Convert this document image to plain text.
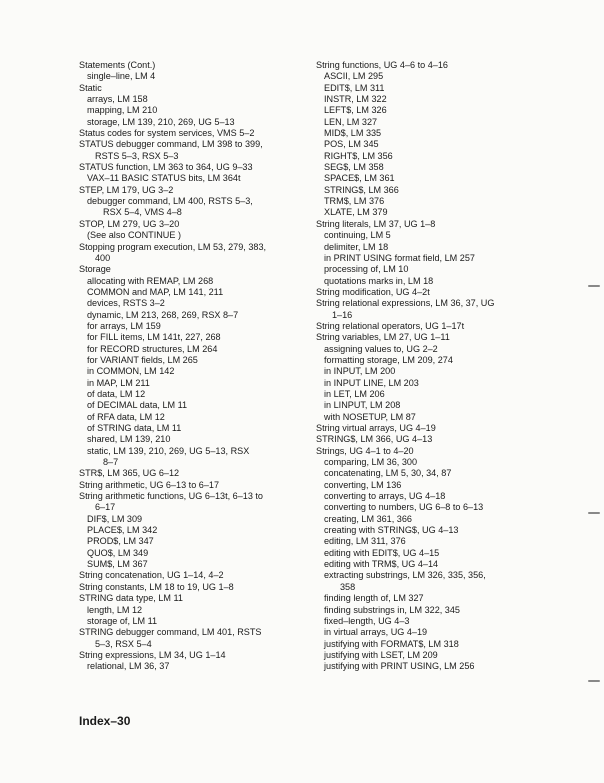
Statements (Cont.)
single–line, LM 4
Static
arrays, LM 158
mapping, LM 210
storage, LM 139, 210, 269, UG 5–13
Status codes for system services, VMS 5–2
STATUS debugger command, LM 398 to 399,
RSTS 5–3, RSX 5–3
STATUS function, LM 363 to 364, UG 9–33
VAX–11 BASIC STATUS bits, LM 364t
STEP, LM 179, UG 3–2
debugger command, LM 400, RSTS 5–3,
RSX 5–4, VMS 4–8
STOP, LM 279, UG 3–20
(See also CONTINUE )
Stopping program execution, LM 53, 279, 383,
400
Storage
allocating with REMAP, LM 268
COMMON and MAP, LM 141, 211
devices, RSTS 3–2
dynamic, LM 213, 268, 269, RSX 8–7
for arrays, LM 159
for FILL items, LM 141t, 227, 268
for RECORD structures, LM 264
for VARIANT fields, LM 265
in COMMON, LM 142
in MAP, LM 211
of data, LM 12
of DECIMAL data, LM 11
of RFA data, LM 12
of STRING data, LM 11
shared, LM 139, 210
static, LM 139, 210, 269, UG 5–13, RSX
8–7
STR$, LM 365, UG 6–12
String arithmetic, UG 6–13 to 6–17
String arithmetic functions, UG 6–13t, 6–13 to
6–17
DIF$, LM 309
PLACE$, LM 342
PROD$, LM 347
QUO$, LM 349
SUM$, LM 367
String concatenation, UG 1–14, 4–2
String constants, LM 18 to 19, UG 1–8
STRING data type, LM 11
length, LM 12
storage of, LM 11
STRING debugger command, LM 401, RSTS
5–3, RSX 5–4
String expressions, LM 34, UG 1–14
relational, LM 36, 37
String functions, UG 4–6 to 4–16
ASCII, LM 295
EDIT$, LM 311
INSTR, LM 322
LEFT$, LM 326
LEN, LM 327
MID$, LM 335
POS, LM 345
RIGHT$, LM 356
SEG$, LM 358
SPACE$, LM 361
STRING$, LM 366
TRM$, LM 376
XLATE, LM 379
String literals, LM 37, UG 1–8
continuing, LM 5
delimiter, LM 18
in PRINT USING format field, LM 257
processing of, LM 10
quotations marks in, LM 18
String modification, UG 4–2t
String relational expressions, LM 36, 37, UG
1–16
String relational operators, UG 1–17t
String variables, LM 27, UG 1–11
assigning values to, UG 2–2
formatting storage, LM 209, 274
in INPUT, LM 200
in INPUT LINE, LM 203
in LET, LM 206
in LINPUT, LM 208
with NOSETUP, LM 87
String virtual arrays, UG 4–19
STRING$, LM 366, UG 4–13
Strings, UG 4–1 to 4–20
comparing, LM 36, 300
concatenating, LM 5, 30, 34, 87
converting, LM 136
converting to arrays, UG 4–18
converting to numbers, UG 6–8 to 6–13
creating, LM 361, 366
creating with STRING$, UG 4–13
editing, LM 311, 376
editing with EDIT$, UG 4–15
editing with TRM$, UG 4–14
extracting substrings, LM 326, 335, 356,
358
finding length of, LM 327
finding substrings in, LM 322, 345
fixed–length, UG 4–3
in virtual arrays, UG 4–19
justifying with FORMAT$, LM 318
justifying with LSET, LM 209
justifying with PRINT USING, LM 256
Index–30
